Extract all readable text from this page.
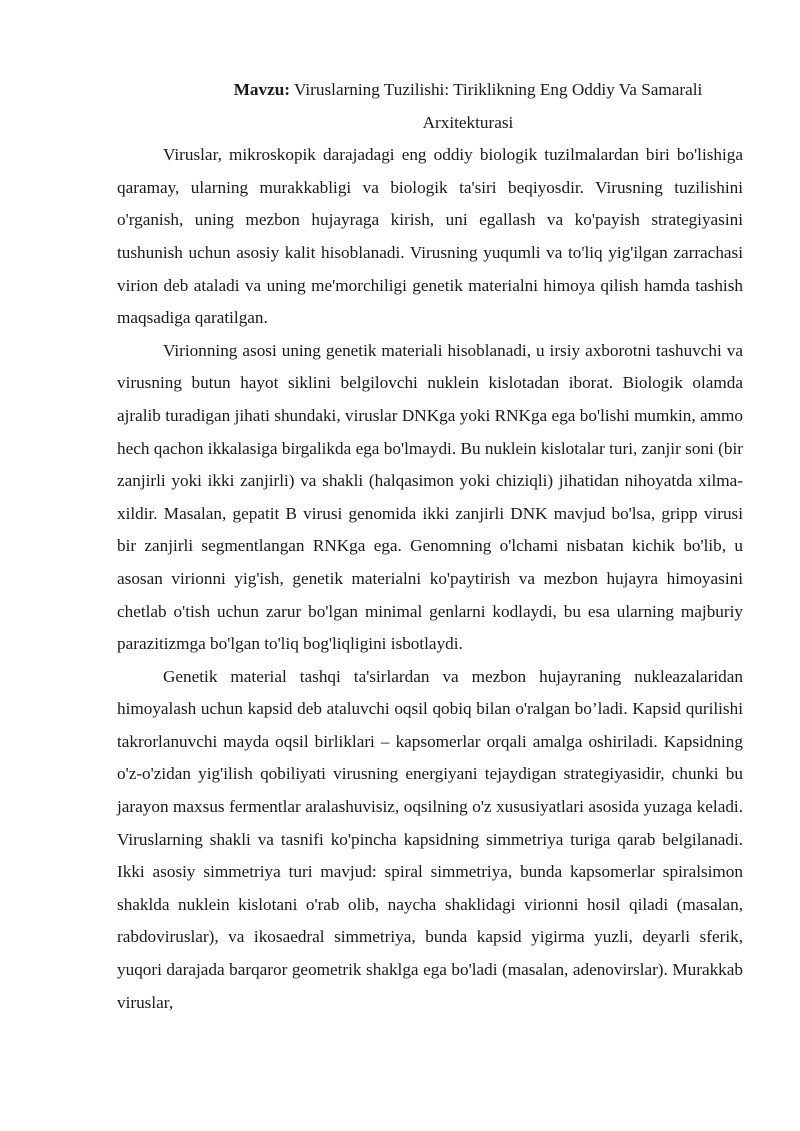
Mavzu: Viruslarning Tuzilishi: Tiriklikning Eng Oddiy Va Samarali Arxitekturasi

Viruslar, mikroskopik darajadagi eng oddiy biologik tuzilmalardan biri bo'lishiga qaramay, ularning murakkabligi va biologik ta'siri beqiyosdir. Virusning tuzilishini o'rganish, uning mezbon hujayraga kirish, uni egallash va ko'payish strategiyasini tushunish uchun asosiy kalit hisoblanadi. Virusning yuqumli va to'liq yig'ilgan zarrachasi virion deb ataladi va uning me'morchiligi genetik materialni himoya qilish hamda tashish maqsadiga qaratilgan.

Virionning asosi uning genetik materiali hisoblanadi, u irsiy axborotni tashuvchi va virusning butun hayot siklini belgilovchi nuklein kislotadan iborat. Biologik olamda ajralib turadigan jihati shundaki, viruslar DNKga yoki RNKga ega bo'lishi mumkin, ammo hech qachon ikkalasiga birgalikda ega bo'lmaydi. Bu nuklein kislotalar turi, zanjir soni (bir zanjirli yoki ikki zanjirli) va shakli (halqasimon yoki chiziqli) jihatidan nihoyatda xilma-xildir. Masalan, gepatit B virusi genomida ikki zanjirli DNK mavjud bo'lsa, gripp virusi bir zanjirli segmentlangan RNKga ega. Genomning o'lchami nisbatan kichik bo'lib, u asosan virionni yig'ish, genetik materialni ko'paytirish va mezbon hujayra himoyasini chetlab o'tish uchun zarur bo'lgan minimal genlarni kodlaydi, bu esa ularning majburiy parazitizmga bo'lgan to'liq bog'liqligini isbotlaydi.

Genetik material tashqi ta'sirlardan va mezbon hujayraning nukleazalaridan himoyalash uchun kapsid deb ataluvchi oqsil qobiq bilan o'ralgan bo’ladi. Kapsid qurilishi takrorlanuvchi mayda oqsil birliklari – kapsomerlar orqali amalga oshiriladi. Kapsidning o'z-o'zidan yig'ilish qobiliyati virusning energiyani tejaydigan strategiyasidir, chunki bu jarayon maxsus fermentlar aralashuvisiz, oqsilning o'z xususiyatlari asosida yuzaga keladi. Viruslarning shakli va tasnifi ko'pincha kapsidning simmetriya turiga qarab belgilanadi. Ikki asosiy simmetriya turi mavjud: spiral simmetriya, bunda kapsomerlar spiralsimon shaklda nuklein kislotani o'rab olib, naycha shaklidagi virionni hosil qiladi (masalan, rabdoviruslar), va ikosaedral simmetriya, bunda kapsid yigirma yuzli, deyarli sferik, yuqori darajada barqaror geometrik shaklga ega bo'ladi (masalan, adenovirslar). Murakkab viruslar,
